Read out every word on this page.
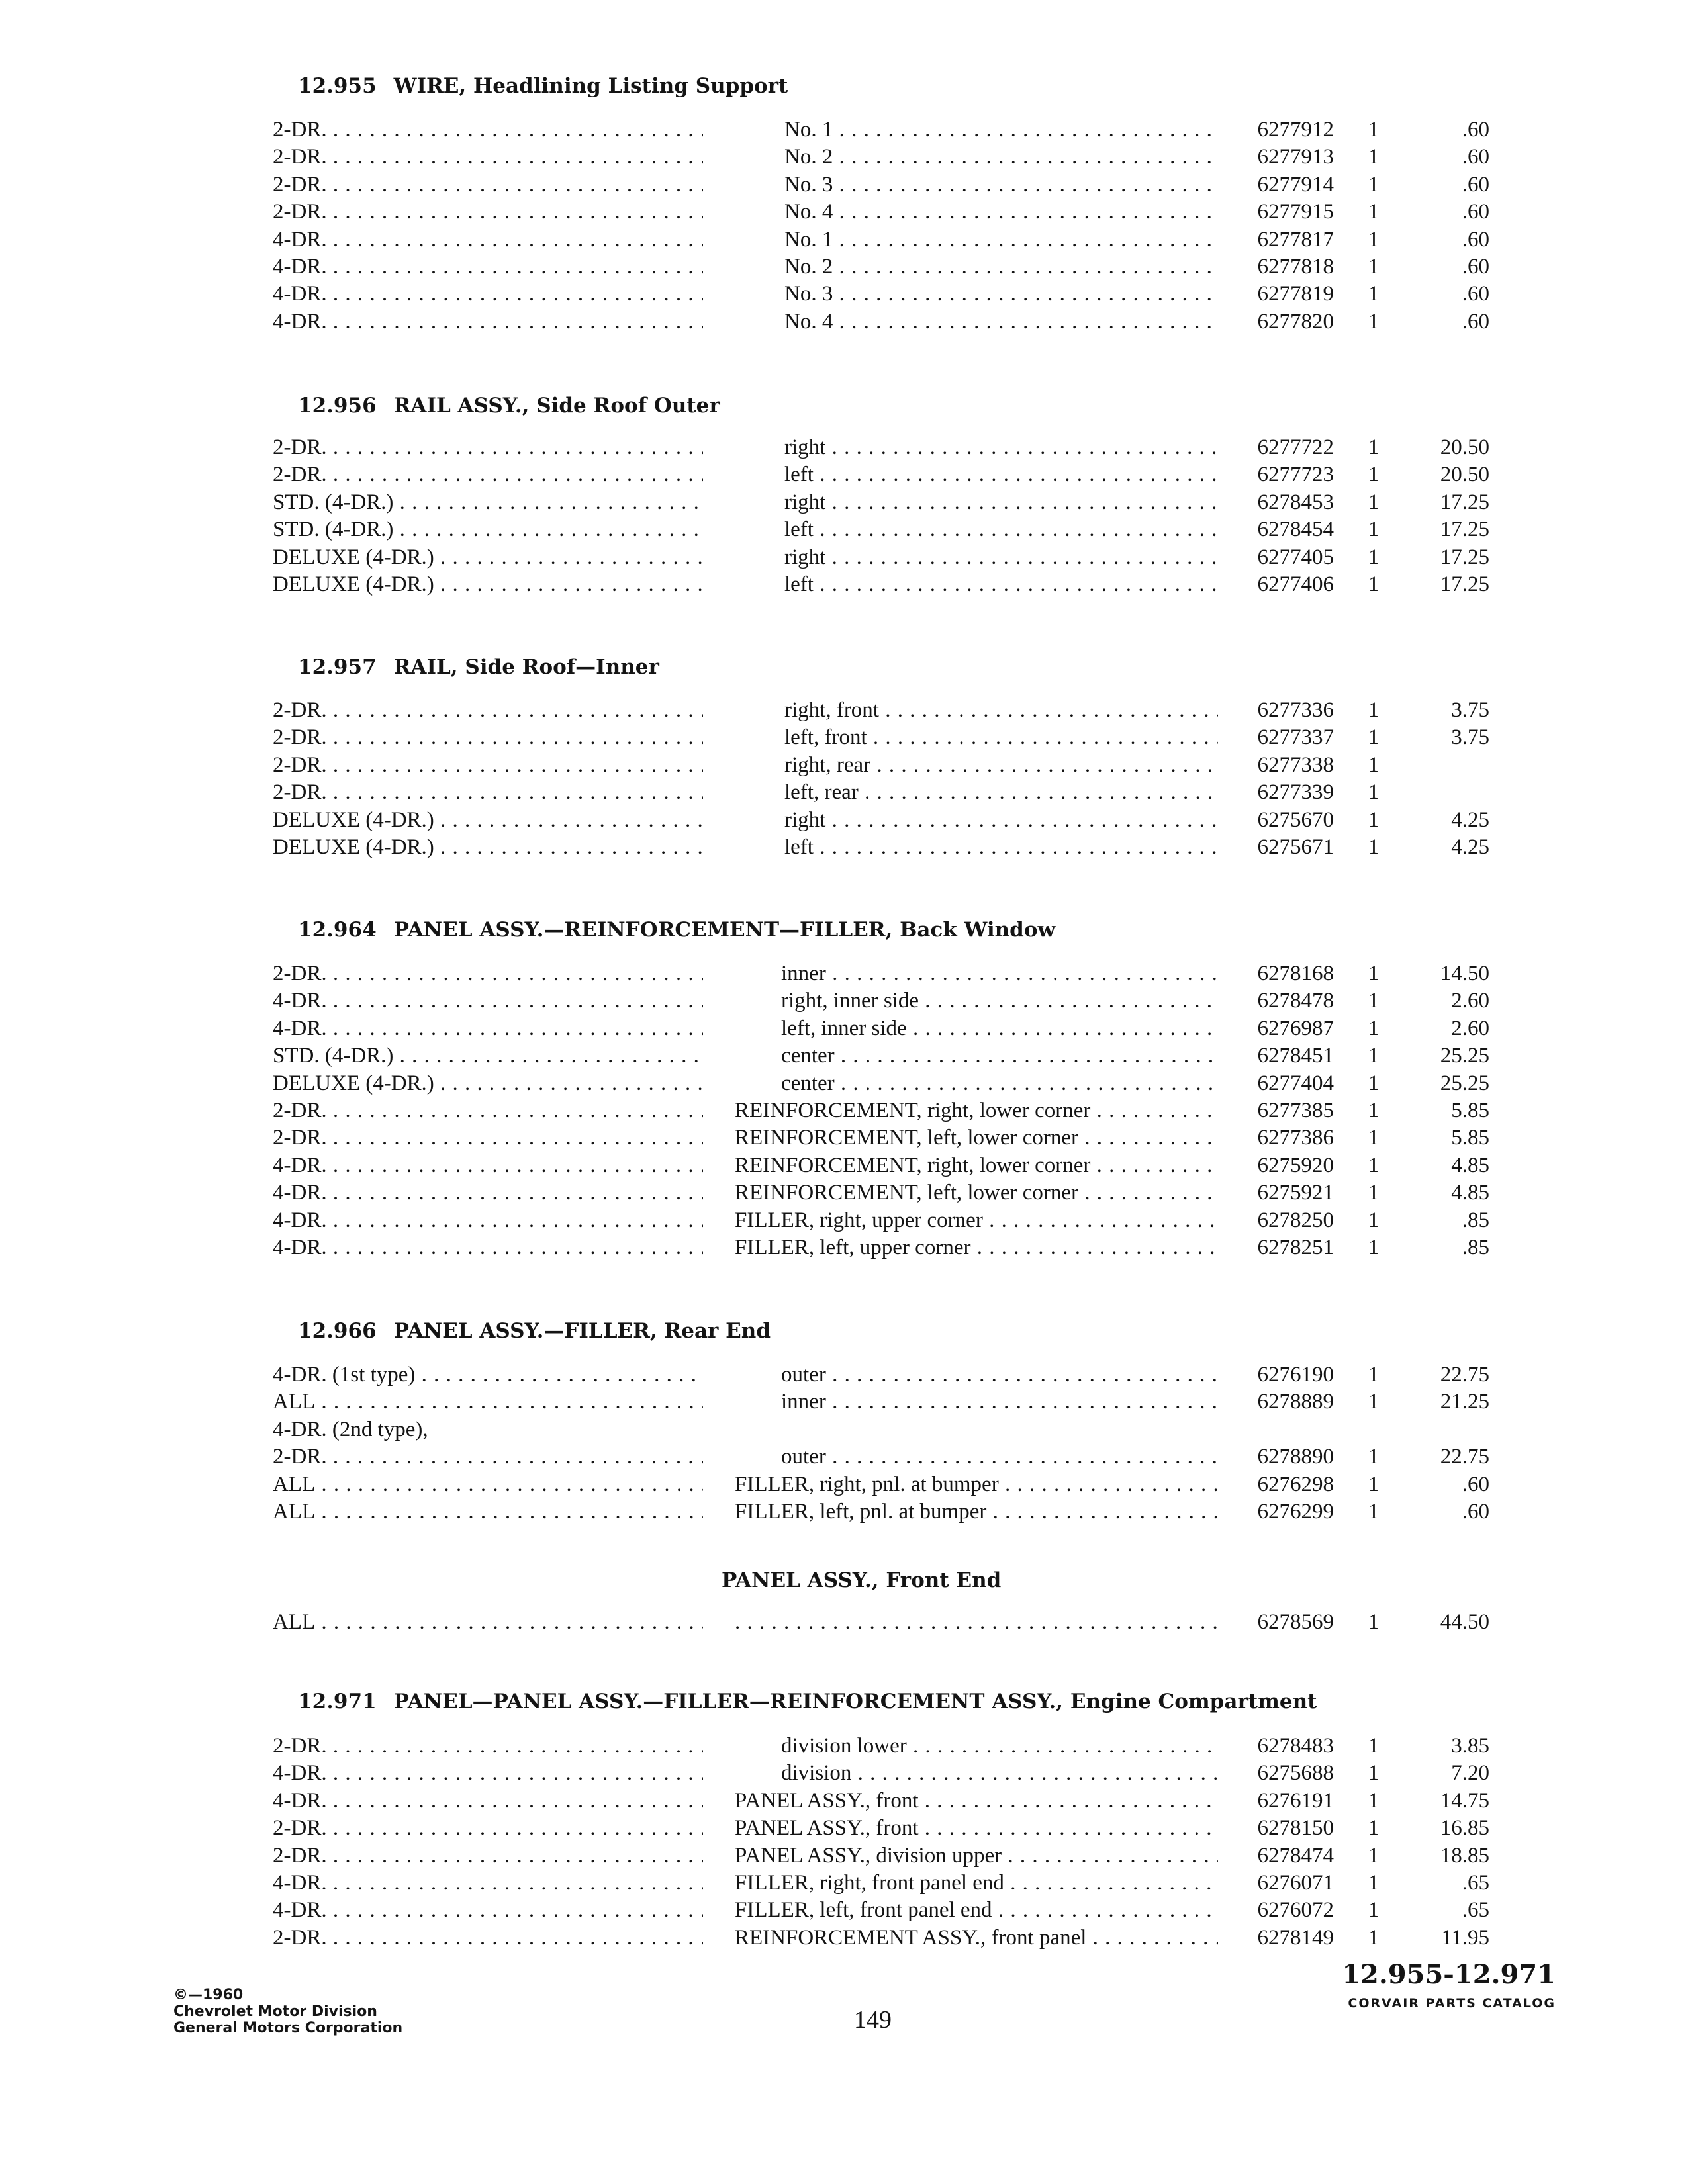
12.955 WIRE, Headlining Listing Support
2-DR. . . .	No. 1 . . .	6277912 1	.60
2-DR. . . .	No. 2 . . .	6277913 1	.60
2-DR. . . .	No. 3 . . .	6277914 1	.60
2-DR. . . .	No. 4 . . .	6277915 1	.60
4-DR. . . .	No. 1 . . .	6277817 1	.60
4-DR. . . .	No. 2 . . .	6277818 1	.60
4-DR. . . .	No. 3 . . .	6277819 1	.60
4-DR. . . .	No. 4 . . .	6277820 1	.60
12.956 RAIL ASSY., Side Roof Outer
2-DR. . . .	right . . .	6277722 1	20.50
2-DR. . . .	left . . .	6277723 1	20.50
STD. (4-DR.) . . .	right . . .	6278453 1	17.25
STD. (4-DR.) . . .	left . . .	6278454 1	17.25
DELUXE (4-DR.) . . .	right . . .	6277405 1	17.25
DELUXE (4-DR.) . . .	left . . .	6277406 1	17.25
12.957 RAIL, Side Roof—Inner
2-DR. . . .	right, front . . .	6277336 1	3.75
2-DR. . . .	left, front . . .	6277337 1	3.75
2-DR. . . .	right, rear . . .	6277338 1
2-DR. . . .	left, rear . . .	6277339 1
DELUXE (4-DR.) . . .	right . . .	6275670 1	4.25
DELUXE (4-DR.) . . .	left . . .	6275671 1	4.25
12.964 PANEL ASSY.—REINFORCEMENT—FILLER, Back Window
2-DR. . . .	inner . . .	6278168 1	14.50
4-DR. . . .	right, inner side . . .	6278478 1	2.60
4-DR. . . .	left, inner side . . .	6276987 1	2.60
STD. (4-DR.) . . .	center . . .	6278451 1	25.25
DELUXE (4-DR.) . . .	center . . .	6277404 1	25.25
2-DR. . . .	REINFORCEMENT, right, lower corner . . .	6277385 1	5.85
2-DR. . . .	REINFORCEMENT, left, lower corner . . .	6277386 1	5.85
4-DR. . . .	REINFORCEMENT, right, lower corner . . .	6275920 1	4.85
4-DR. . . .	REINFORCEMENT, left, lower corner . . .	6275921 1	4.85
4-DR. . . .	FILLER, right, upper corner . . .	6278250 1	.85
4-DR. . . .	FILLER, left, upper corner . . .	6278251 1	.85
12.966 PANEL ASSY.—FILLER, Rear End
4-DR. (1st type) . . .	outer . . .	6276190 1	22.75
ALL . . .	inner . . .	6278889 1	21.25
4-DR. (2nd type),
2-DR. . . .	outer . . .	6278890 1	22.75
ALL . . .	FILLER, right, pnl. at bumper . . .	6276298 1	.60
ALL . . .	FILLER, left, pnl. at bumper . . .	6276299 1	.60
PANEL ASSY., Front End
ALL . . .
. . .	6278569 1	44.50
12.971 PANEL—PANEL ASSY.—FILLER—REINFORCEMENT ASSY., Engine Compartment
2-DR. . . .	division lower . . .	6278483 1	3.85
4-DR. . . .	division . . .	6275688 1	7.20
4-DR. . . .	PANEL ASSY., front . . .	6276191 1	14.75
2-DR. . . .	PANEL ASSY., front . . .	6278150 1	16.85
2-DR. . . .	PANEL ASSY., division upper . . .	6278474 1	18.85
4-DR. . . .	FILLER, right, front panel end . . .	6276071 1	.65
4-DR. . . .	FILLER, left, front panel end . . .	6276072 1	.65
2-DR. . . .	REINFORCEMENT ASSY., front panel . . .	6278149 1	11.95
©—1960
Chevrolet Motor Division
General Motors Corporation	149
12.955-12.971
CORVAIR PARTS CATALOG
